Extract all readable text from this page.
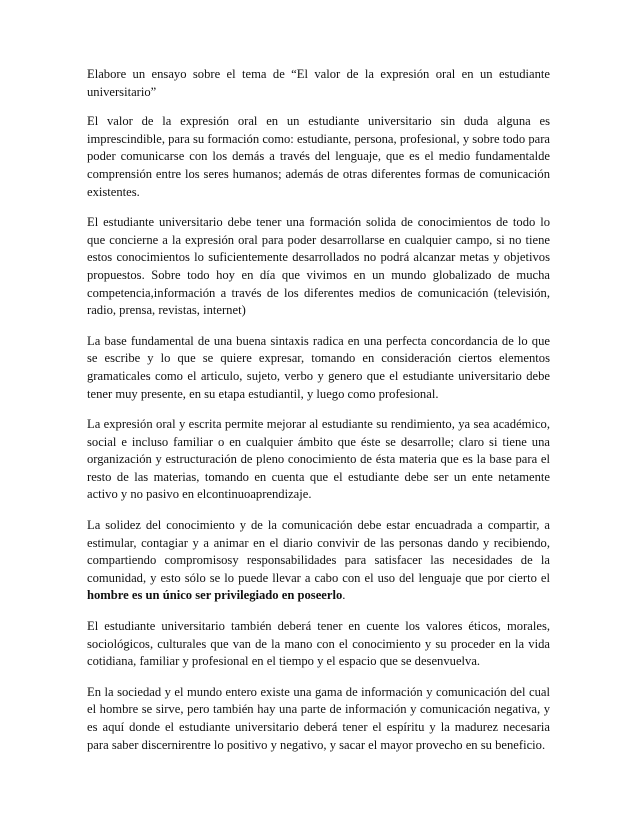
Elabore un ensayo sobre el tema de “El valor de la expresión oral en un estudiante universitario”

El valor de la expresión oral en un estudiante universitario sin duda alguna es imprescindible, para su formación como: estudiante, persona, profesional, y sobre todo para poder comunicarse con los demás a través del lenguaje, que es el medio fundamentalde comprensión entre los seres humanos; además de otras diferentes formas de comunicación existentes.

El estudiante universitario debe tener una formación solida de conocimientos de todo lo que concierne a la expresión oral para poder desarrollarse en cualquier campo, si no tiene estos conocimientos lo suficientemente desarrollados no podrá alcanzar metas y objetivos propuestos. Sobre todo hoy en día que vivimos en un mundo globalizado de mucha competencia,información a través de los diferentes medios de comunicación (televisión, radio, prensa, revistas, internet)

La base fundamental de una buena sintaxis radica en una perfecta concordancia de lo que se escribe y lo que se quiere expresar, tomando en consideración ciertos elementos gramaticales como el articulo, sujeto, verbo y genero que el estudiante universitario debe tener muy presente, en su etapa estudiantil, y luego como profesional.

La expresión oral y escrita permite mejorar al estudiante su rendimiento, ya sea académico, social e incluso familiar o en cualquier ámbito que éste se desarrolle; claro si tiene una organización y estructuración de pleno conocimiento de ésta materia que es la base para el resto de las materias, tomando en cuenta que el estudiante debe ser un ente netamente activo y no pasivo en elcontinuoaprendizaje.

La solidez del conocimiento y de la comunicación debe estar encuadrada a compartir, a estimular, contagiar y a animar en el diario convivir de las personas dando y recibiendo, compartiendo compromisosy responsabilidades para satisfacer las necesidades de la comunidad, y esto sólo se lo puede llevar a cabo con el uso del lenguaje que por cierto el hombre es un único ser privilegiado en poseerlo.

El estudiante universitario también deberá tener en cuente los valores éticos, morales, sociológicos, culturales que van de la mano con el conocimiento y su proceder en la vida cotidiana, familiar y profesional en el tiempo y el espacio que se desenvuelva.

En la sociedad y el mundo entero existe una gama de información y comunicación del cual el hombre se sirve, pero también hay una parte de información y comunicación negativa, y es aquí donde el estudiante universitario deberá tener el espíritu y la madurez necesaria para saber discernirentre lo positivo y negativo, y sacar el mayor provecho en su beneficio.
